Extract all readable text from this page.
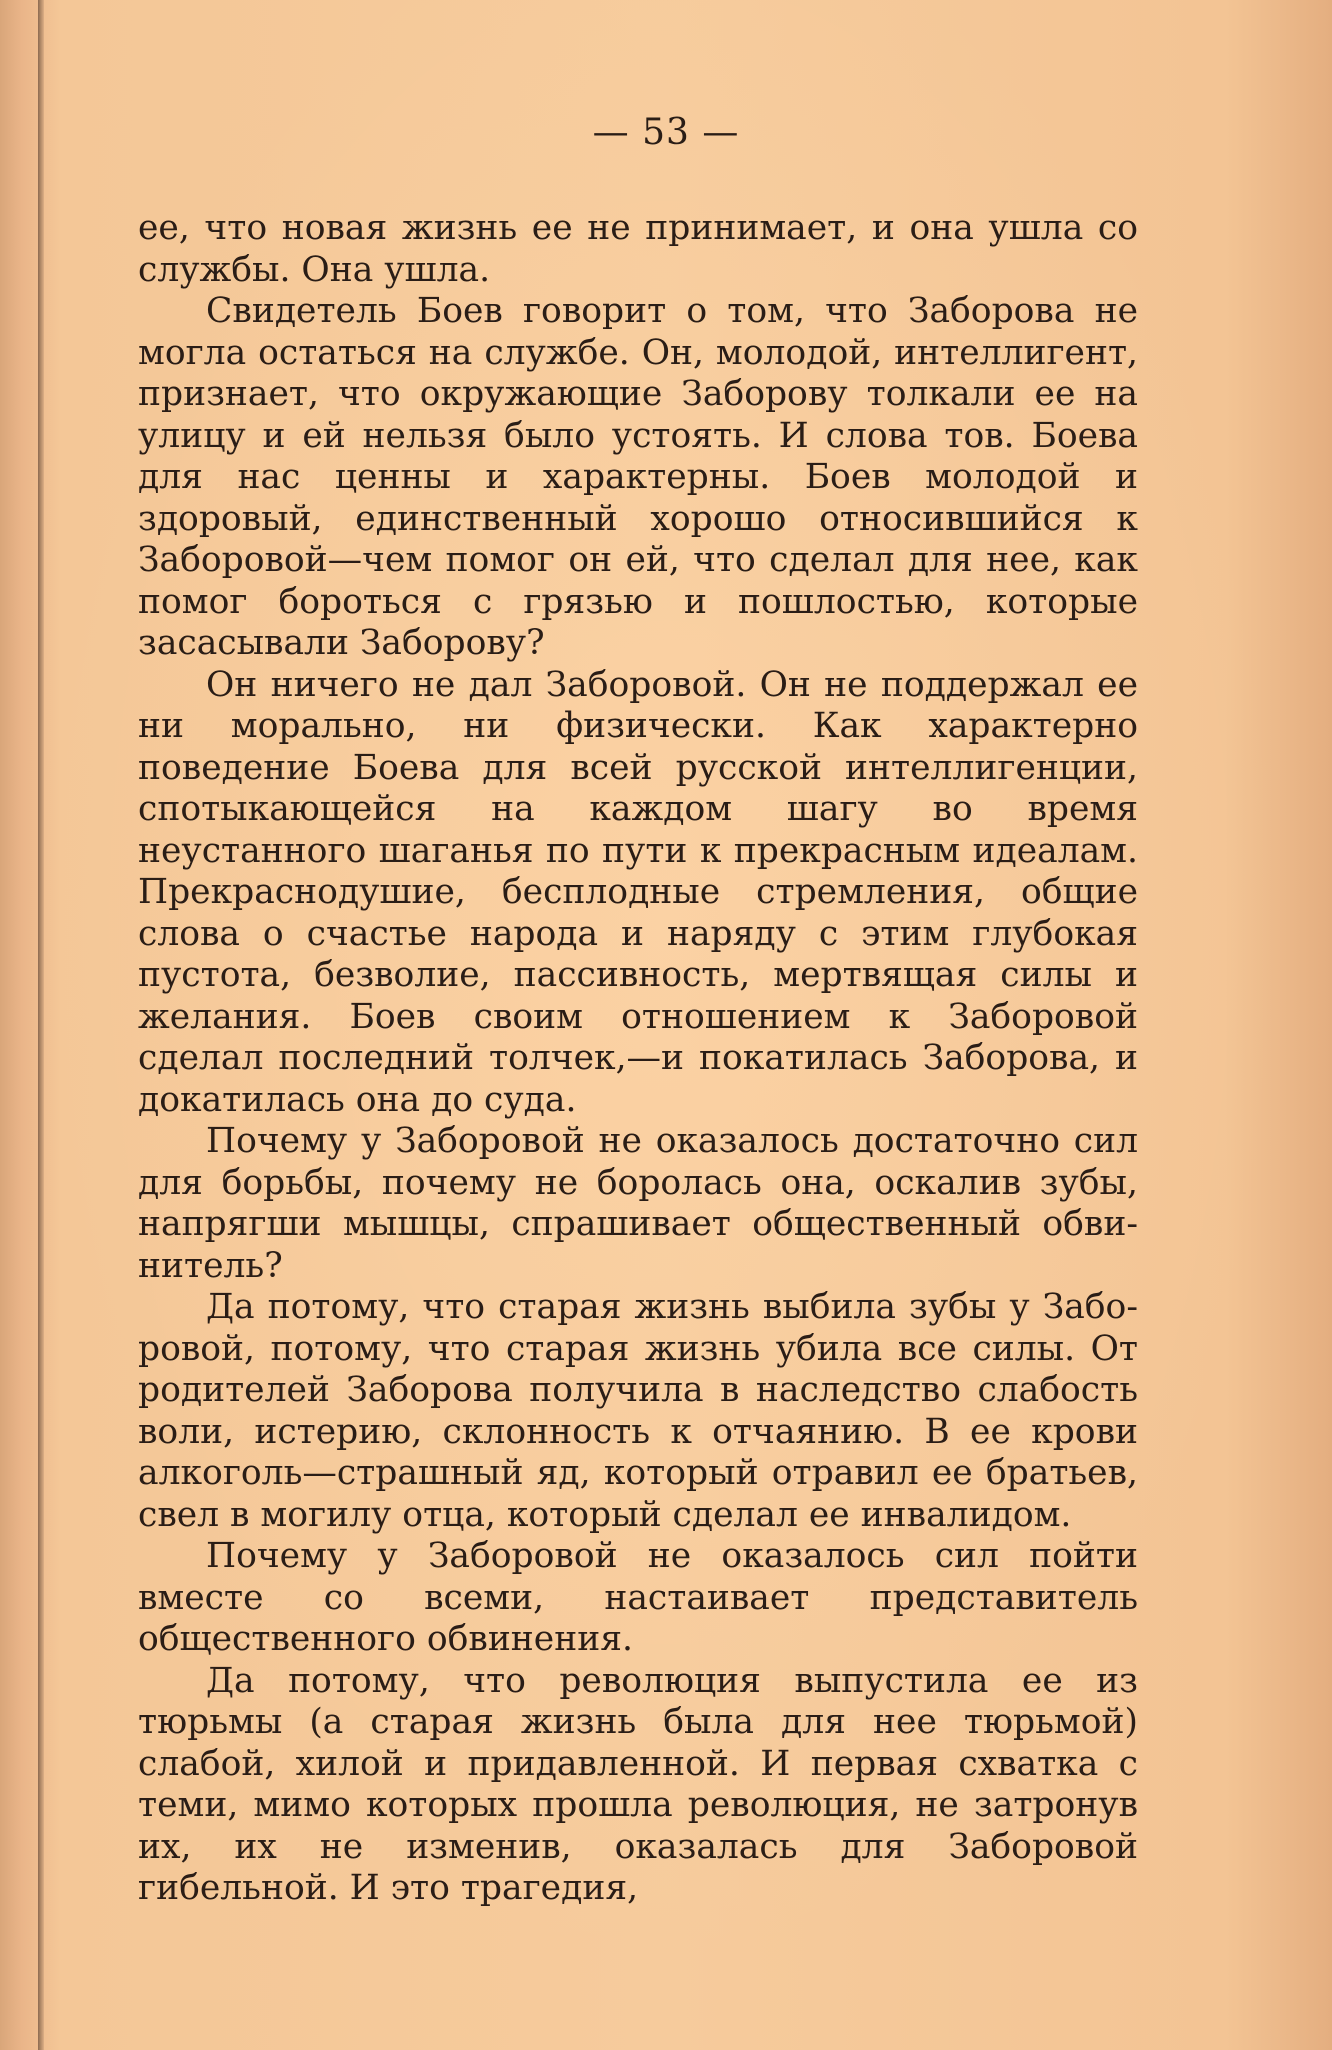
— 53 —

ее, что новая жизнь ее не принимает, и она ушла со службы. Она ушла.

Свидетель Боев говорит о том, что Заборова не могла остаться на службе. Он, молодой, интеллигент, признает, что окружающие Заборову толкали ее на улицу и ей нельзя было устоять. И слова тов. Боева для нас ценны и характерны. Боев молодой и здоровый, единственный хорошо относившийся к Заборовой—чем помог он ей, что сделал для нее, как помог бороться с грязью и пошлостью, которые засасывали Заборову?

Он ничего не дал Заборовой. Он не поддержал ее ни морально, ни физически. Как характерно поведение Боева для всей русской интеллигенции, спотыкающейся на каждом шагу во время неустанного шаганья по пути к прекрасным идеалам. Прекраснодушие, бесплодные стремления, общие слова о счастье народа и наряду с этим глубокая пустота, безволие, пассивность, мертвящая силы и желания. Боев своим отношением к Заборовой сделал последний толчек,—и покатилась Заборова, и докатилась она до суда.

Почему у Заборовой не оказалось достаточно сил для борьбы, почему не боролась она, оскалив зубы, напрягши мышцы, спрашивает общественный обвинитель?

Да потому, что старая жизнь выбила зубы у Заборовой, потому, что старая жизнь убила все силы. От родителей Заборова получила в наследство слабость воли, истерию, склонность к отчаянию. В ее крови алкоголь—страшный яд, который отравил ее братьев, свел в могилу отца, который сделал ее инвалидом.

Почему у Заборовой не оказалось сил пойти вместе со всеми, настаивает представитель общественного обвинения.

Да потому, что революция выпустила ее из тюрьмы (а старая жизнь была для нее тюрьмой) слабой, хилой и придавленной. И первая схватка с теми, мимо которых прошла революция, не затронув их, их не изменив, оказалась для Заборовой гибельной. И это трагедия,
